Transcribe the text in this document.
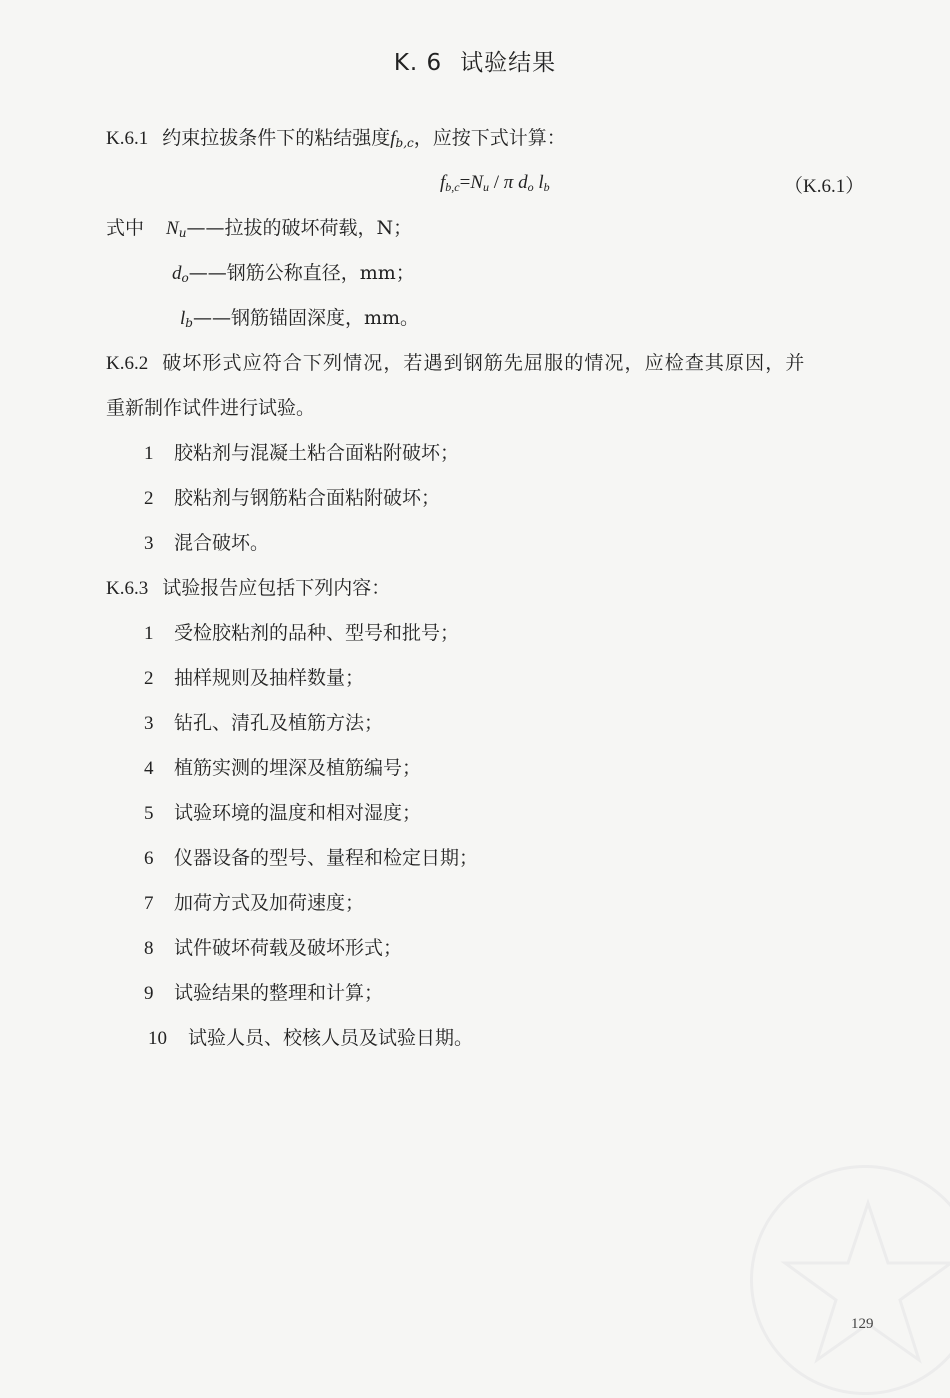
K. 6 试验结果
K.6.1 约束拉拔条件下的粘结强度$f_{b,c}$，应按下式计算：
$f_{b,c}=N_u / \pi$ $d_o$ $l_b$	（K.6.1）
式中 $N_u——$拉拔的破坏荷载，N；
$d_o——$钢筋公称直径，mm；
$l_b——$钢筋锚固深度，mm。
K.6.2 破坏形式应符合下列情况，若遇到钢筋先屈服的情况，应检查其原因，并
重新制作试件进行试验。
1 胶粘剂与混凝土粘合面粘附破坏；
2 胶粘剂与钢筋粘合面粘附破坏；
3 混合破坏。
K.6.3 试验报告应包括下列内容：
1 受检胶粘剂的品种、型号和批号；
2 抽样规则及抽样数量；
3 钻孔、清孔及植筋方法；
4 植筋实测的埋深及植筋编号；
5 试验环境的温度和相对湿度；
6 仪器设备的型号、量程和检定日期；
7 加荷方式及加荷速度；
8 试件破坏荷载及破坏形式；
9 试验结果的整理和计算；
10 试验人员、校核人员及试验日期。
129
